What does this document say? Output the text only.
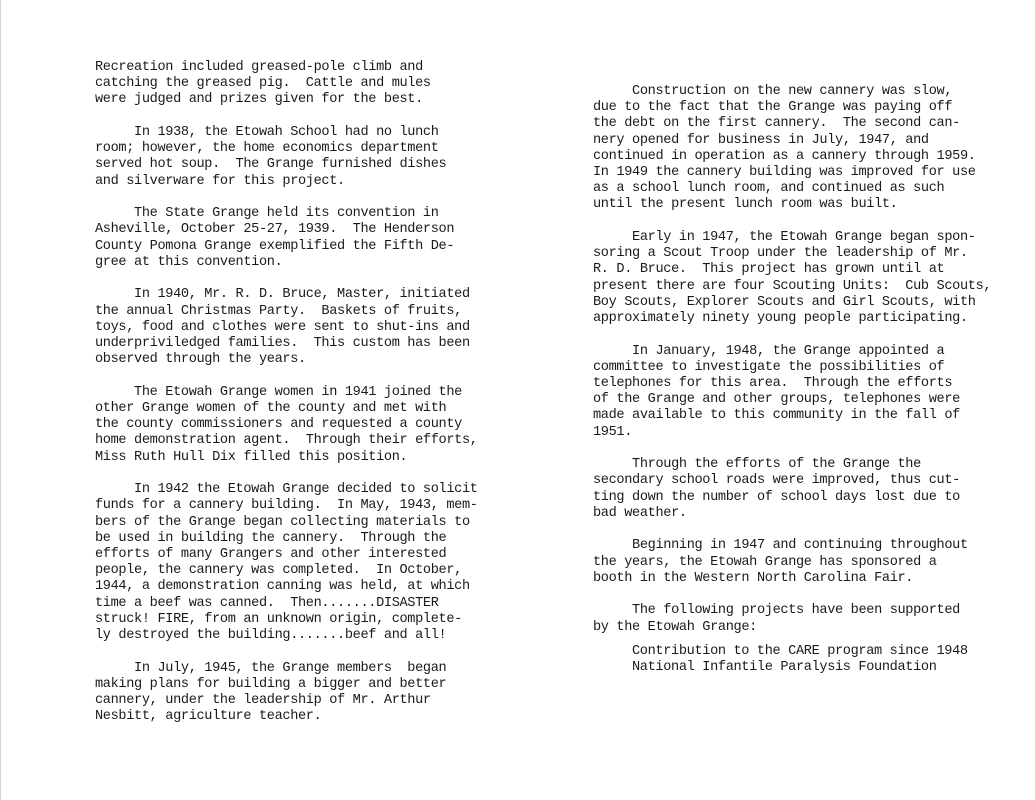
Recreation included greased-pole climb and
catching the greased pig.  Cattle and mules
were judged and prizes given for the best.
In 1938, the Etowah School had no lunch
room; however, the home economics department
served hot soup.  The Grange furnished dishes
and silverware for this project.
The State Grange held its convention in
Asheville, October 25-27, 1939.  The Henderson
County Pomona Grange exemplified the Fifth De-
gree at this convention.
In 1940, Mr. R. D. Bruce, Master, initiated
the annual Christmas Party.  Baskets of fruits,
toys, food and clothes were sent to shut-ins and
underpriviledged families.  This custom has been
observed through the years.
The Etowah Grange women in 1941 joined the
other Grange women of the county and met with
the county commissioners and requested a county
home demonstration agent.  Through their efforts,
Miss Ruth Hull Dix filled this position.
In 1942 the Etowah Grange decided to solicit
funds for a cannery building.  In May, 1943, mem-
bers of the Grange began collecting materials to
be used in building the cannery.  Through the
efforts of many Grangers and other interested
people, the cannery was completed.  In October,
1944, a demonstration canning was held, at which
time a beef was canned.  Then.......DISASTER
struck! FIRE, from an unknown origin, complete-
ly destroyed the building.......beef and all!
In July, 1945, the Grange members  began
making plans for building a bigger and better
cannery, under the leadership of Mr. Arthur
Nesbitt, agriculture teacher.
Construction on the new cannery was slow,
due to the fact that the Grange was paying off
the debt on the first cannery.  The second can-
nery opened for business in July, 1947, and
continued in operation as a cannery through 1959.
In 1949 the cannery building was improved for use
as a school lunch room, and continued as such
until the present lunch room was built.
Early in 1947, the Etowah Grange began spon-
soring a Scout Troop under the leadership of Mr.
R. D. Bruce.  This project has grown until at
present there are four Scouting Units:  Cub Scouts,
Boy Scouts, Explorer Scouts and Girl Scouts, with
approximately ninety young people participating.
In January, 1948, the Grange appointed a
committee to investigate the possibilities of
telephones for this area.  Through the efforts
of the Grange and other groups, telephones were
made available to this community in the fall of
1951.
Through the efforts of the Grange the
secondary school roads were improved, thus cut-
ting down the number of school days lost due to
bad weather.
Beginning in 1947 and continuing throughout
the years, the Etowah Grange has sponsored a
booth in the Western North Carolina Fair.
The following projects have been supported
by the Etowah Grange:
Contribution to the CARE program since 1948
National Infantile Paralysis Foundation
